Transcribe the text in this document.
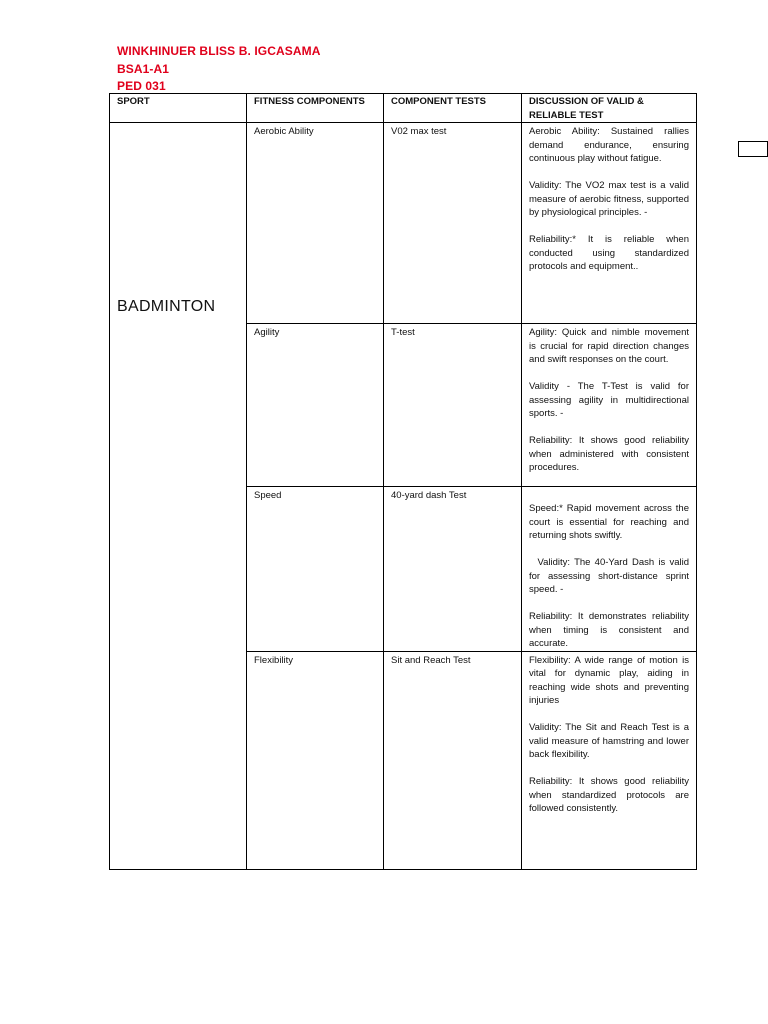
WINKHINUER BLISS B. IGCASAMA
BSA1-A1
PED 031
SPORT	FITNESS COMPONENTS	COMPONENT TESTS	DISCUSSION OF VALID & RELIABLE TEST

BADMINTON	Aerobic Ability	V02 max test	Aerobic Ability: Sustained rallies demand endurance, ensuring continuous play without fatigue.

Validity: The VO2 max test is a valid measure of aerobic fitness, supported by physiological principles. -

Reliability:* It is reliable when conducted using standardized protocols and equipment..

	Agility	T-test	Agility: Quick and nimble movement is crucial for rapid direction changes and swift responses on the court.

Validity - The T-Test is valid for assessing agility in multidirectional sports. -

Reliability: It shows good reliability when administered with consistent procedures.

	Speed	40-yard dash Test	Speed:* Rapid movement across the court is essential for reaching and returning shots swiftly.

Validity: The 40-Yard Dash is valid for assessing short-distance sprint speed. -

Reliability: It demonstrates reliability when timing is consistent and accurate.

	Flexibility	Sit and Reach Test	Flexibility: A wide range of motion is vital for dynamic play, aiding in reaching wide shots and preventing injuries

Validity: The Sit and Reach Test is a valid measure of hamstring and lower back flexibility.

Reliability: It shows good reliability when standardized protocols are followed consistently.
